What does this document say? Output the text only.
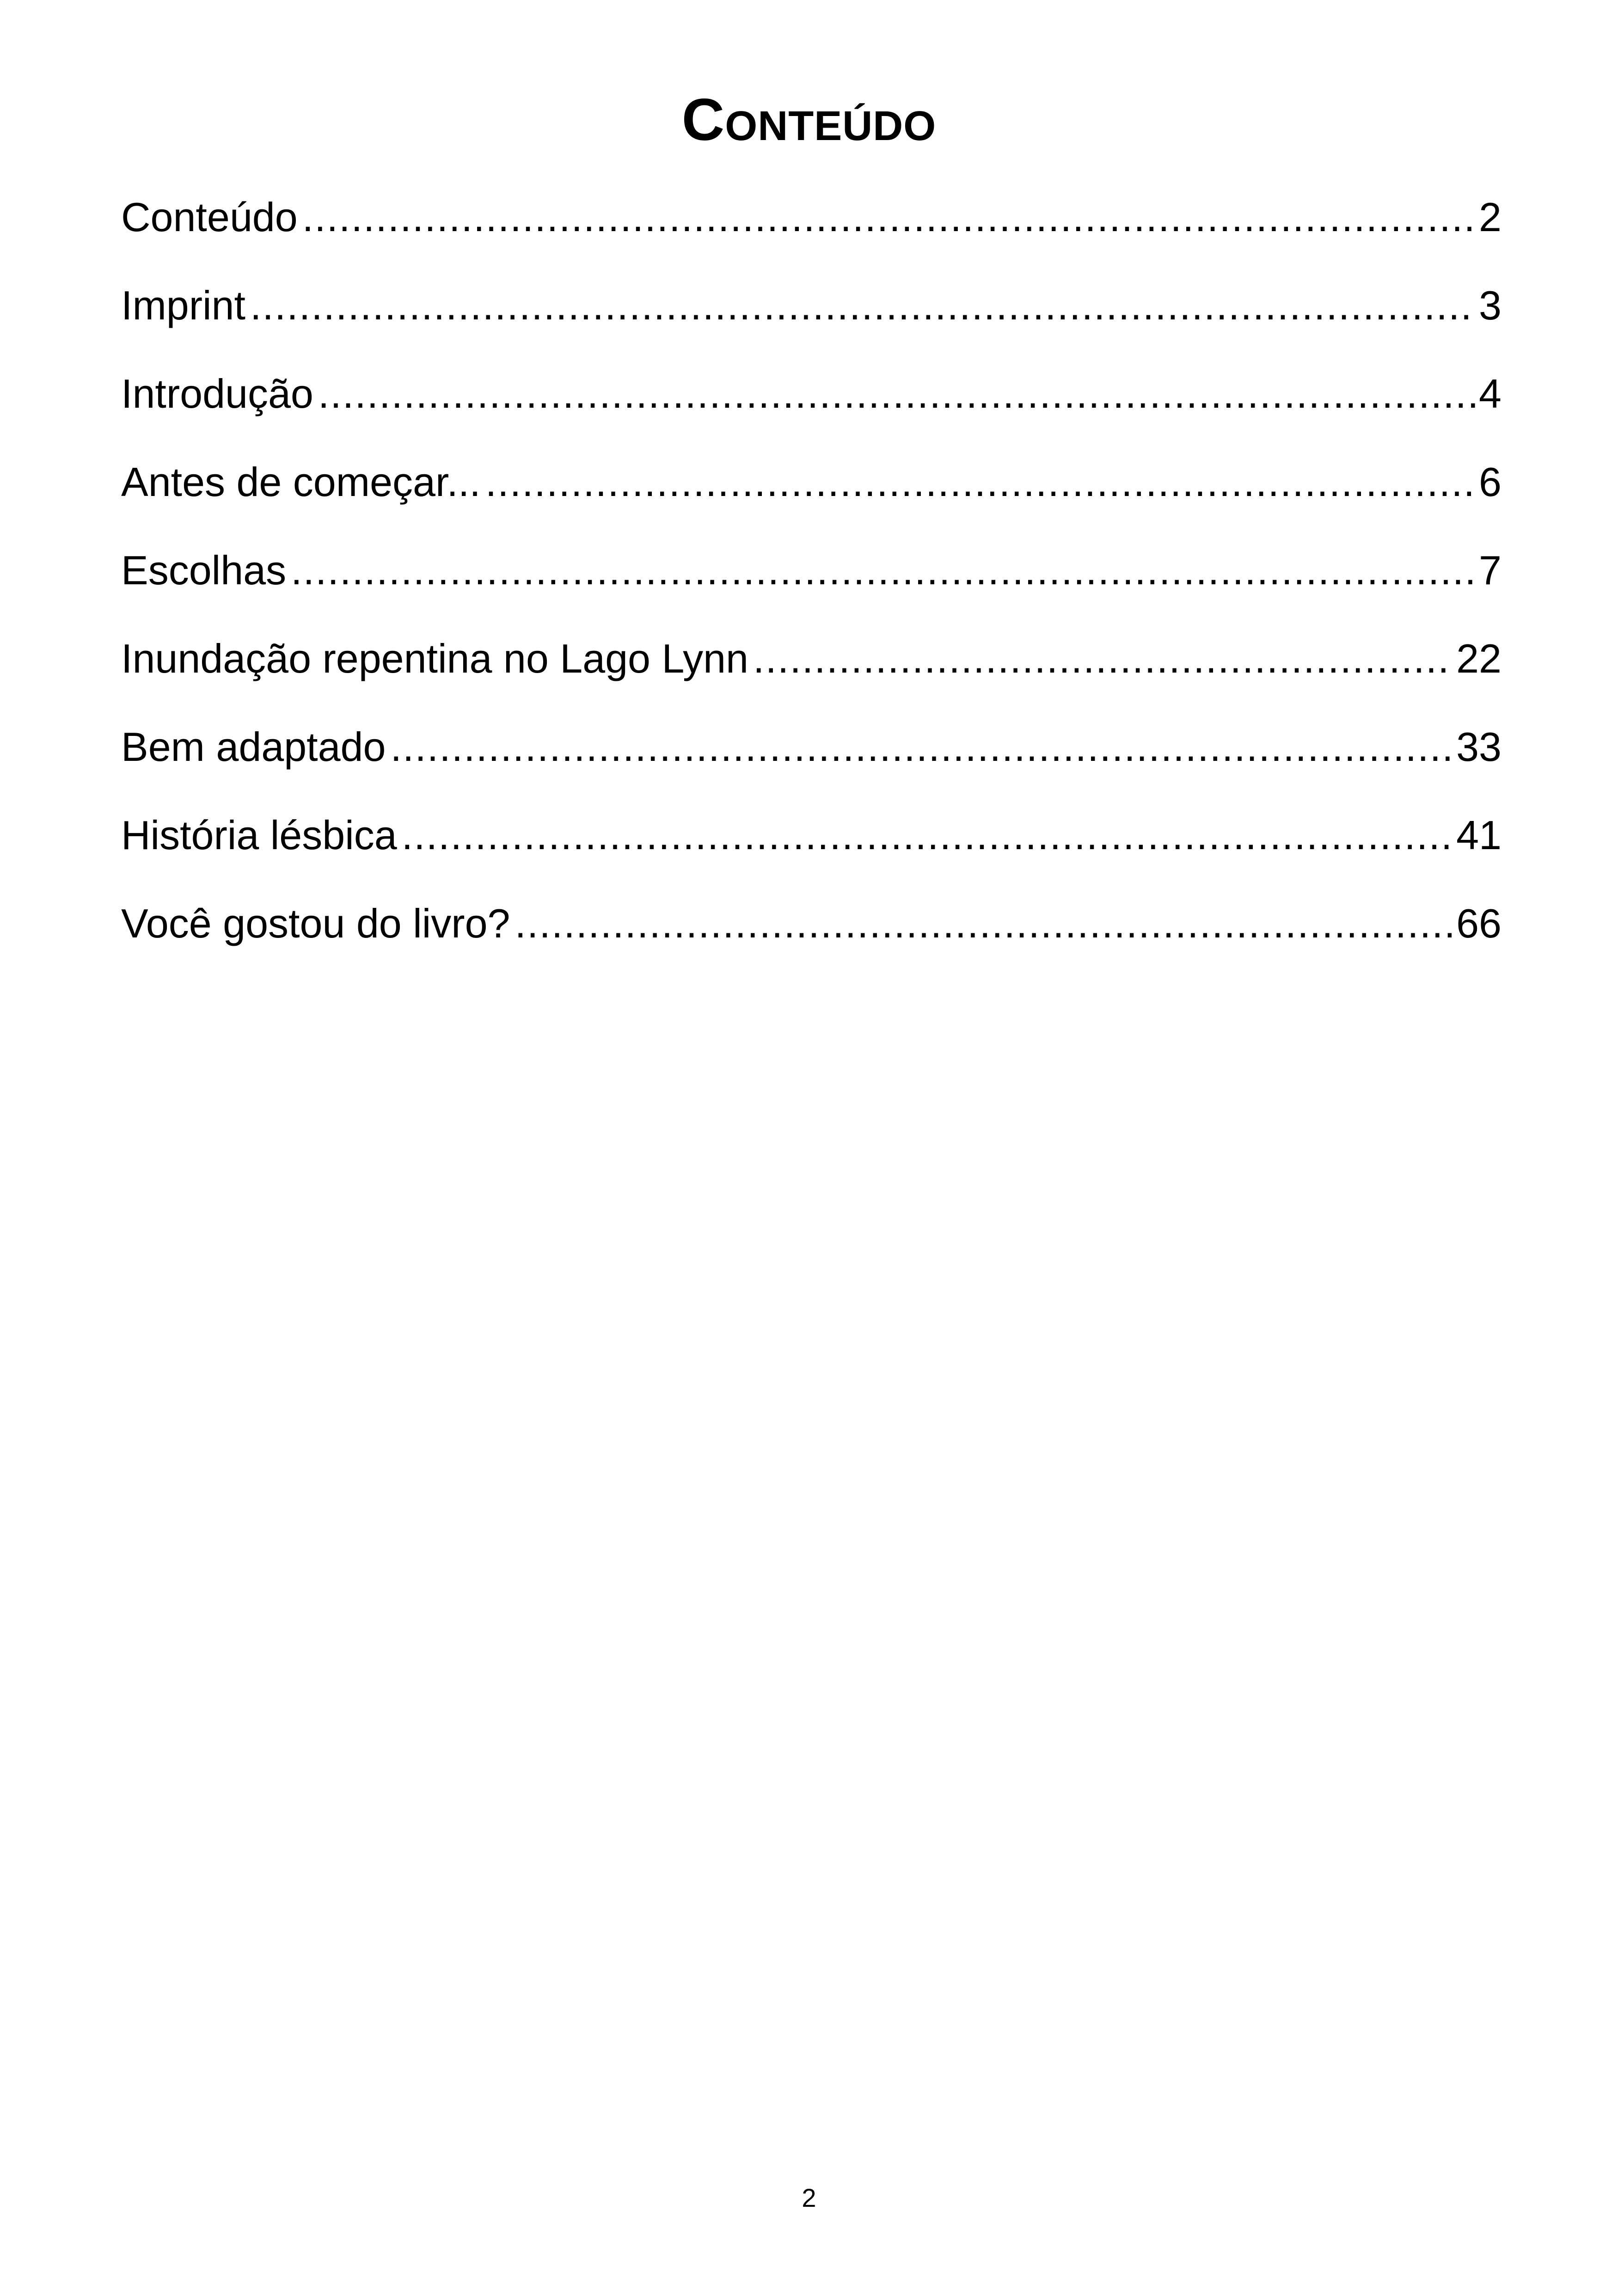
Conteúdo
Conteúdo .....	2
Imprint .....	3
Introdução .....	4
Antes de começar... .....	6
Escolhas .....	7
Inundação repentina no Lago Lynn .....	22
Bem adaptado .....	33
História lésbica .....	41
Você gostou do livro? .....	66
2
